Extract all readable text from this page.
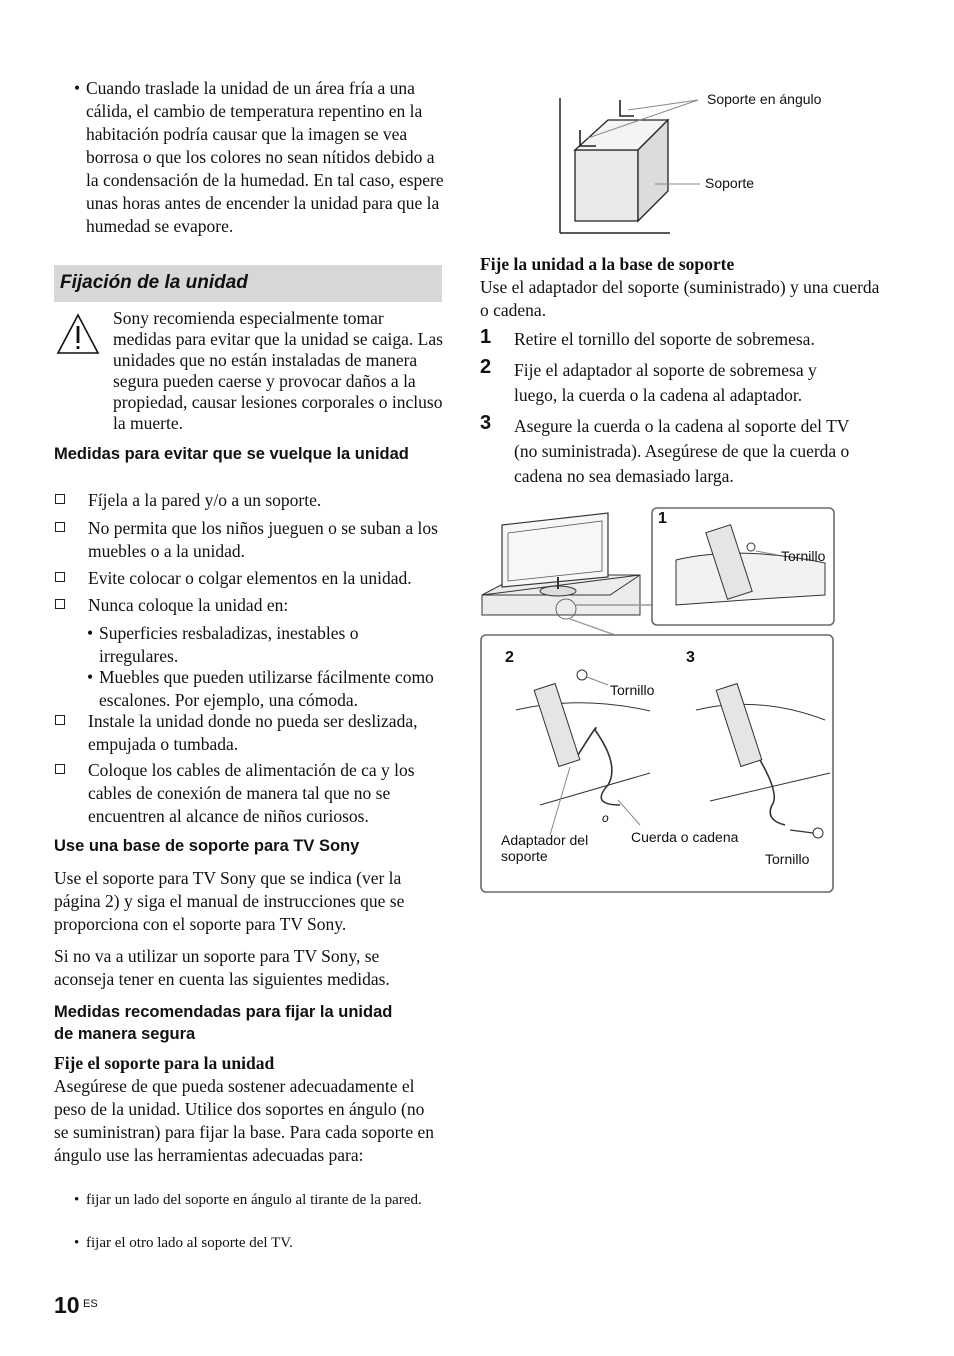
• Cuando traslade la unidad de un área fría a una cálida, el cambio de temperatura repentino en la habitación podría causar que la imagen se vea borrosa o que los colores no sean nítidos debido a la condensación de la humedad. En tal caso, espere unas horas antes de encender la unidad para que la humedad se evapore.
Fijación de la unidad
Sony recomienda especialmente tomar medidas para evitar que la unidad se caiga. Las unidades que no están instaladas de manera segura pueden caerse y provocar daños a la propiedad, causar lesiones corporales o incluso la muerte.
Medidas para evitar que se vuelque la unidad
Fíjela a la pared y/o a un soporte.
No permita que los niños jueguen o se suban a los muebles o a la unidad.
Evite colocar o colgar elementos en la unidad.
Nunca coloque la unidad en:
• Superficies resbaladizas, inestables o irregulares.
• Muebles que pueden utilizarse fácilmente como escalones. Por ejemplo, una cómoda.
Instale la unidad donde no pueda ser deslizada, empujada o tumbada.
Coloque los cables de alimentación de ca y los cables de conexión de manera tal que no se encuentren al alcance de niños curiosos.
Use una base de soporte para TV Sony
Use el soporte para TV Sony que se indica (ver la página 2) y siga el manual de instrucciones que se proporciona con el soporte para TV Sony.
Si no va a utilizar un soporte para TV Sony, se aconseja tener en cuenta las siguientes medidas.
Medidas recomendadas para fijar la unidad de manera segura
Fije el soporte para la unidad
Asegúrese de que pueda sostener adecuadamente el peso de la unidad. Utilice dos soportes en ángulo (no se suministran) para fijar la base. Para cada soporte en ángulo use las herramientas adecuadas para:
• fijar un lado del soporte en ángulo al tirante de la pared.
• fijar el otro lado al soporte del TV.
10 ES
Soporte en ángulo
Soporte
Fije la unidad a la base de soporte
Use el adaptador del soporte (suministrado) y una cuerda o cadena.
1 Retire el tornillo del soporte de sobremesa.
2 Fije el adaptador al soporte de sobremesa y luego, la cuerda o la cadena al adaptador.
3 Asegure la cuerda o la cadena al soporte del TV (no suministrada). Asegúrese de que la cuerda o cadena no sea demasiado larga.
1
Tornillo
2	3
Tornillo
o
Cuerda o cadena
Adaptador del soporte	Tornillo
